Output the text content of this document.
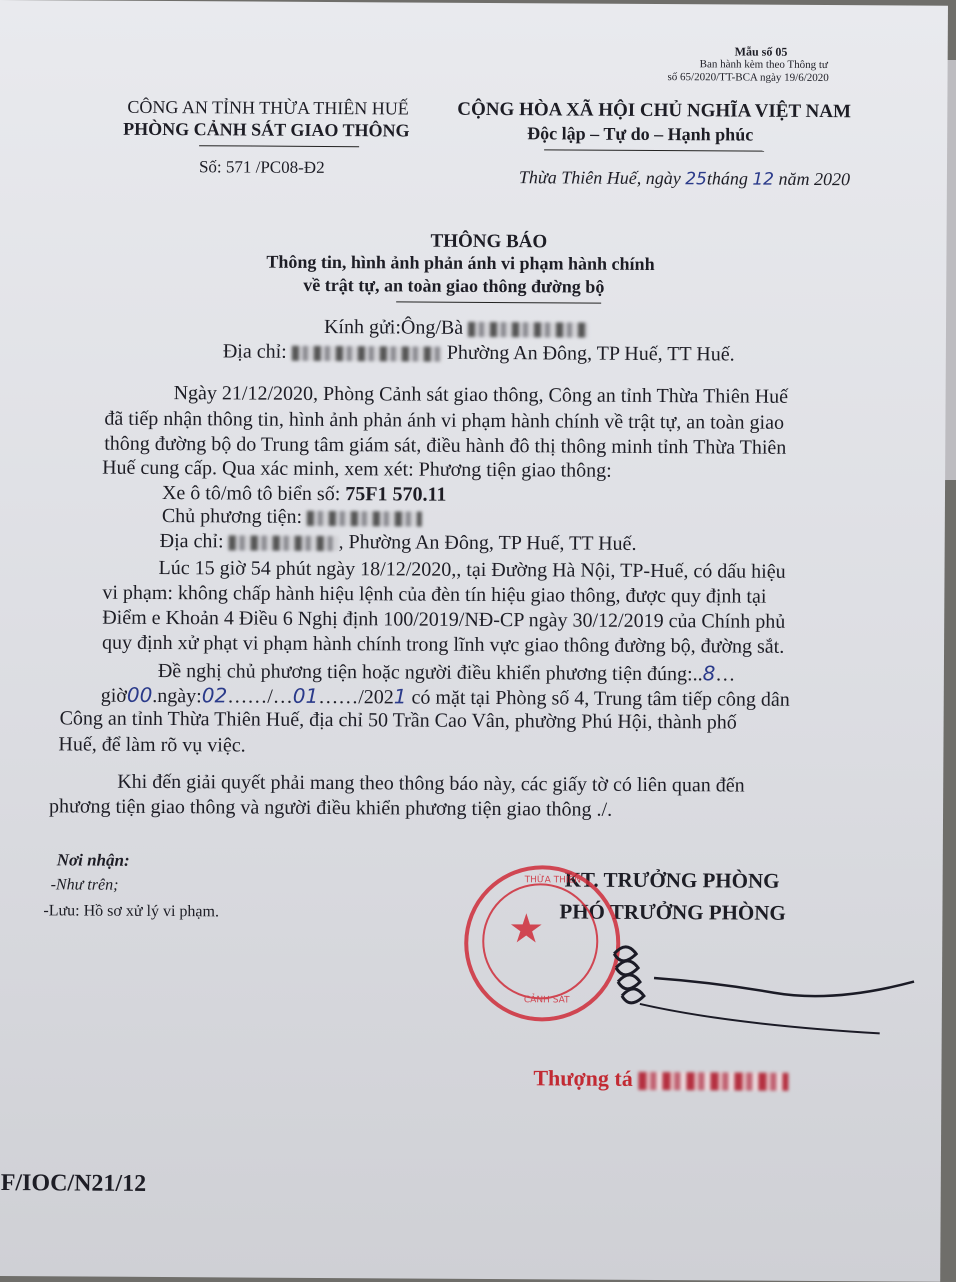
Mẫu số 05
Ban hành kèm theo Thông tư
số 65/2020/TT-BCA ngày 19/6/2020
CÔNG AN TỈNH THỪA THIÊN HUẾ
PHÒNG CẢNH SÁT GIAO THÔNG
Số: 571 /PC08-Đ2
CỘNG HÒA XÃ HỘI CHỦ NGHĨA VIỆT NAM
Độc lập – Tự do – Hạnh phúc
Thừa Thiên Huế, ngày 25tháng 12 năm 2020
THÔNG BÁO
Thông tin, hình ảnh phản ánh vi phạm hành chính
về trật tự, an toàn giao thông đường bộ
Kính gửi:Ông/Bà
Địa chỉ:	Phường An Đông, TP Huế, TT Huế.
Ngày 21/12/2020, Phòng Cảnh sát giao thông, Công an tỉnh Thừa Thiên Huế
đã tiếp nhận thông tin, hình ảnh phản ánh vi phạm hành chính về trật tự, an toàn giao
thông đường bộ do Trung tâm giám sát, điều hành đô thị thông minh tỉnh Thừa Thiên
Huế cung cấp. Qua xác minh, xem xét: Phương tiện giao thông:
Xe ô tô/mô tô biển số: 75F1 570.11
Chủ phương tiện:
Địa chỉ:	, Phường An Đông, TP Huế, TT Huế.
Lúc 15 giờ 54 phút ngày 18/12/2020,, tại Đường Hà Nội, TP-Huế, có dấu hiệu
vi phạm: không chấp hành hiệu lệnh của đèn tín hiệu giao thông, được quy định tại
Điểm e Khoản 4 Điều 6 Nghị định 100/2019/NĐ-CP ngày 30/12/2019 của Chính phủ
quy định xử phạt vi phạm hành chính trong lĩnh vực giao thông đường bộ, đường sắt.
Đề nghị chủ phương tiện hoặc người điều khiển phương tiện đúng:..8…
giờ00.ngày:02……/…01……/2021 có mặt tại Phòng số 4, Trung tâm tiếp công dân
Công an tỉnh Thừa Thiên Huế, địa chỉ 50 Trần Cao Vân, phường Phú Hội, thành phố
Huế, để làm rõ vụ việc.
Khi đến giải quyết phải mang theo thông báo này, các giấy tờ có liên quan đến
phương tiện giao thông và người điều khiển phương tiện giao thông ./.
Nơi nhận:
-Như trên;
-Lưu: Hồ sơ xử lý vi phạm.
KT. TRƯỞNG PHÒNG
PHÓ TRƯỞNG PHÒNG
★
THỪA THIÊN
CẢNH SÁT
Thượng tá
F/IOC/N21/12
